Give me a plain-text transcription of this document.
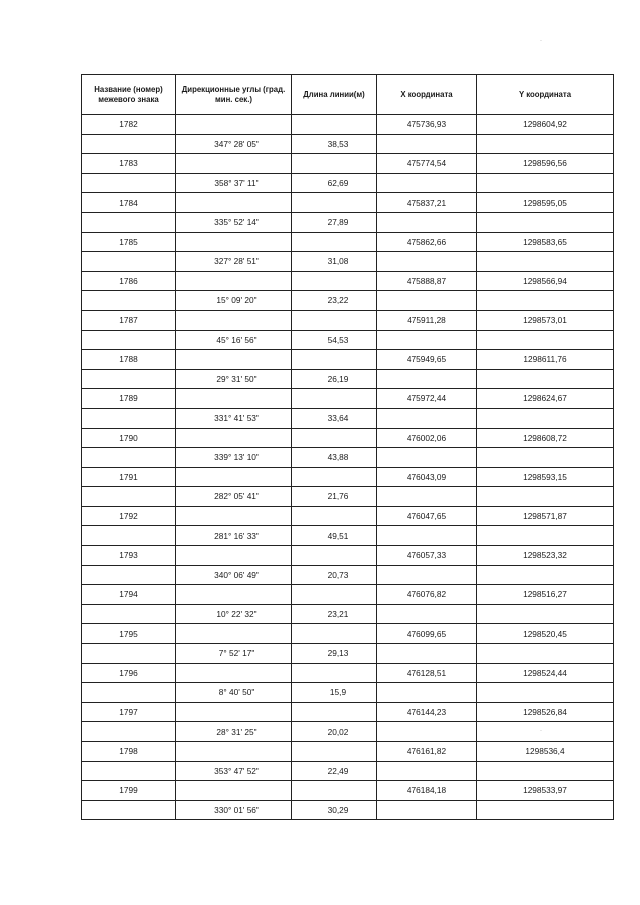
Название (номер) межевого знака	Дирекционные углы (град. мин. сек.)	Длина линии(м)	X координата	Y координата
1782			475736,93	1298604,92
	347° 28' 05"	38,53		
1783			475774,54	1298596,56
	358° 37' 11"	62,69		
1784			475837,21	1298595,05
	335° 52' 14"	27,89		
1785			475862,66	1298583,65
	327° 28' 51"	31,08		
1786			475888,87	1298566,94
	15° 09' 20"	23,22		
1787			475911,28	1298573,01
	45° 16' 56"	54,53		
1788			475949,65	1298611,76
	29° 31' 50"	26,19		
1789			475972,44	1298624,67
	331° 41' 53"	33,64		
1790			476002,06	1298608,72
	339° 13' 10"	43,88		
1791			476043,09	1298593,15
	282° 05' 41"	21,76		
1792			476047,65	1298571,87
	281° 16' 33"	49,51		
1793			476057,33	1298523,32
	340° 06' 49"	20,73		
1794			476076,82	1298516,27
	10° 22' 32"	23,21		
1795			476099,65	1298520,45
	7° 52' 17"	29,13		
1796			476128,51	1298524,44
	8° 40' 50"	15,9		
1797			476144,23	1298526,84
	28° 31' 25"	20,02		
1798			476161,82	1298536,4
	353° 47' 52"	22,49		
1799			476184,18	1298533,97
	330° 01' 56"	30,29		
·
·
